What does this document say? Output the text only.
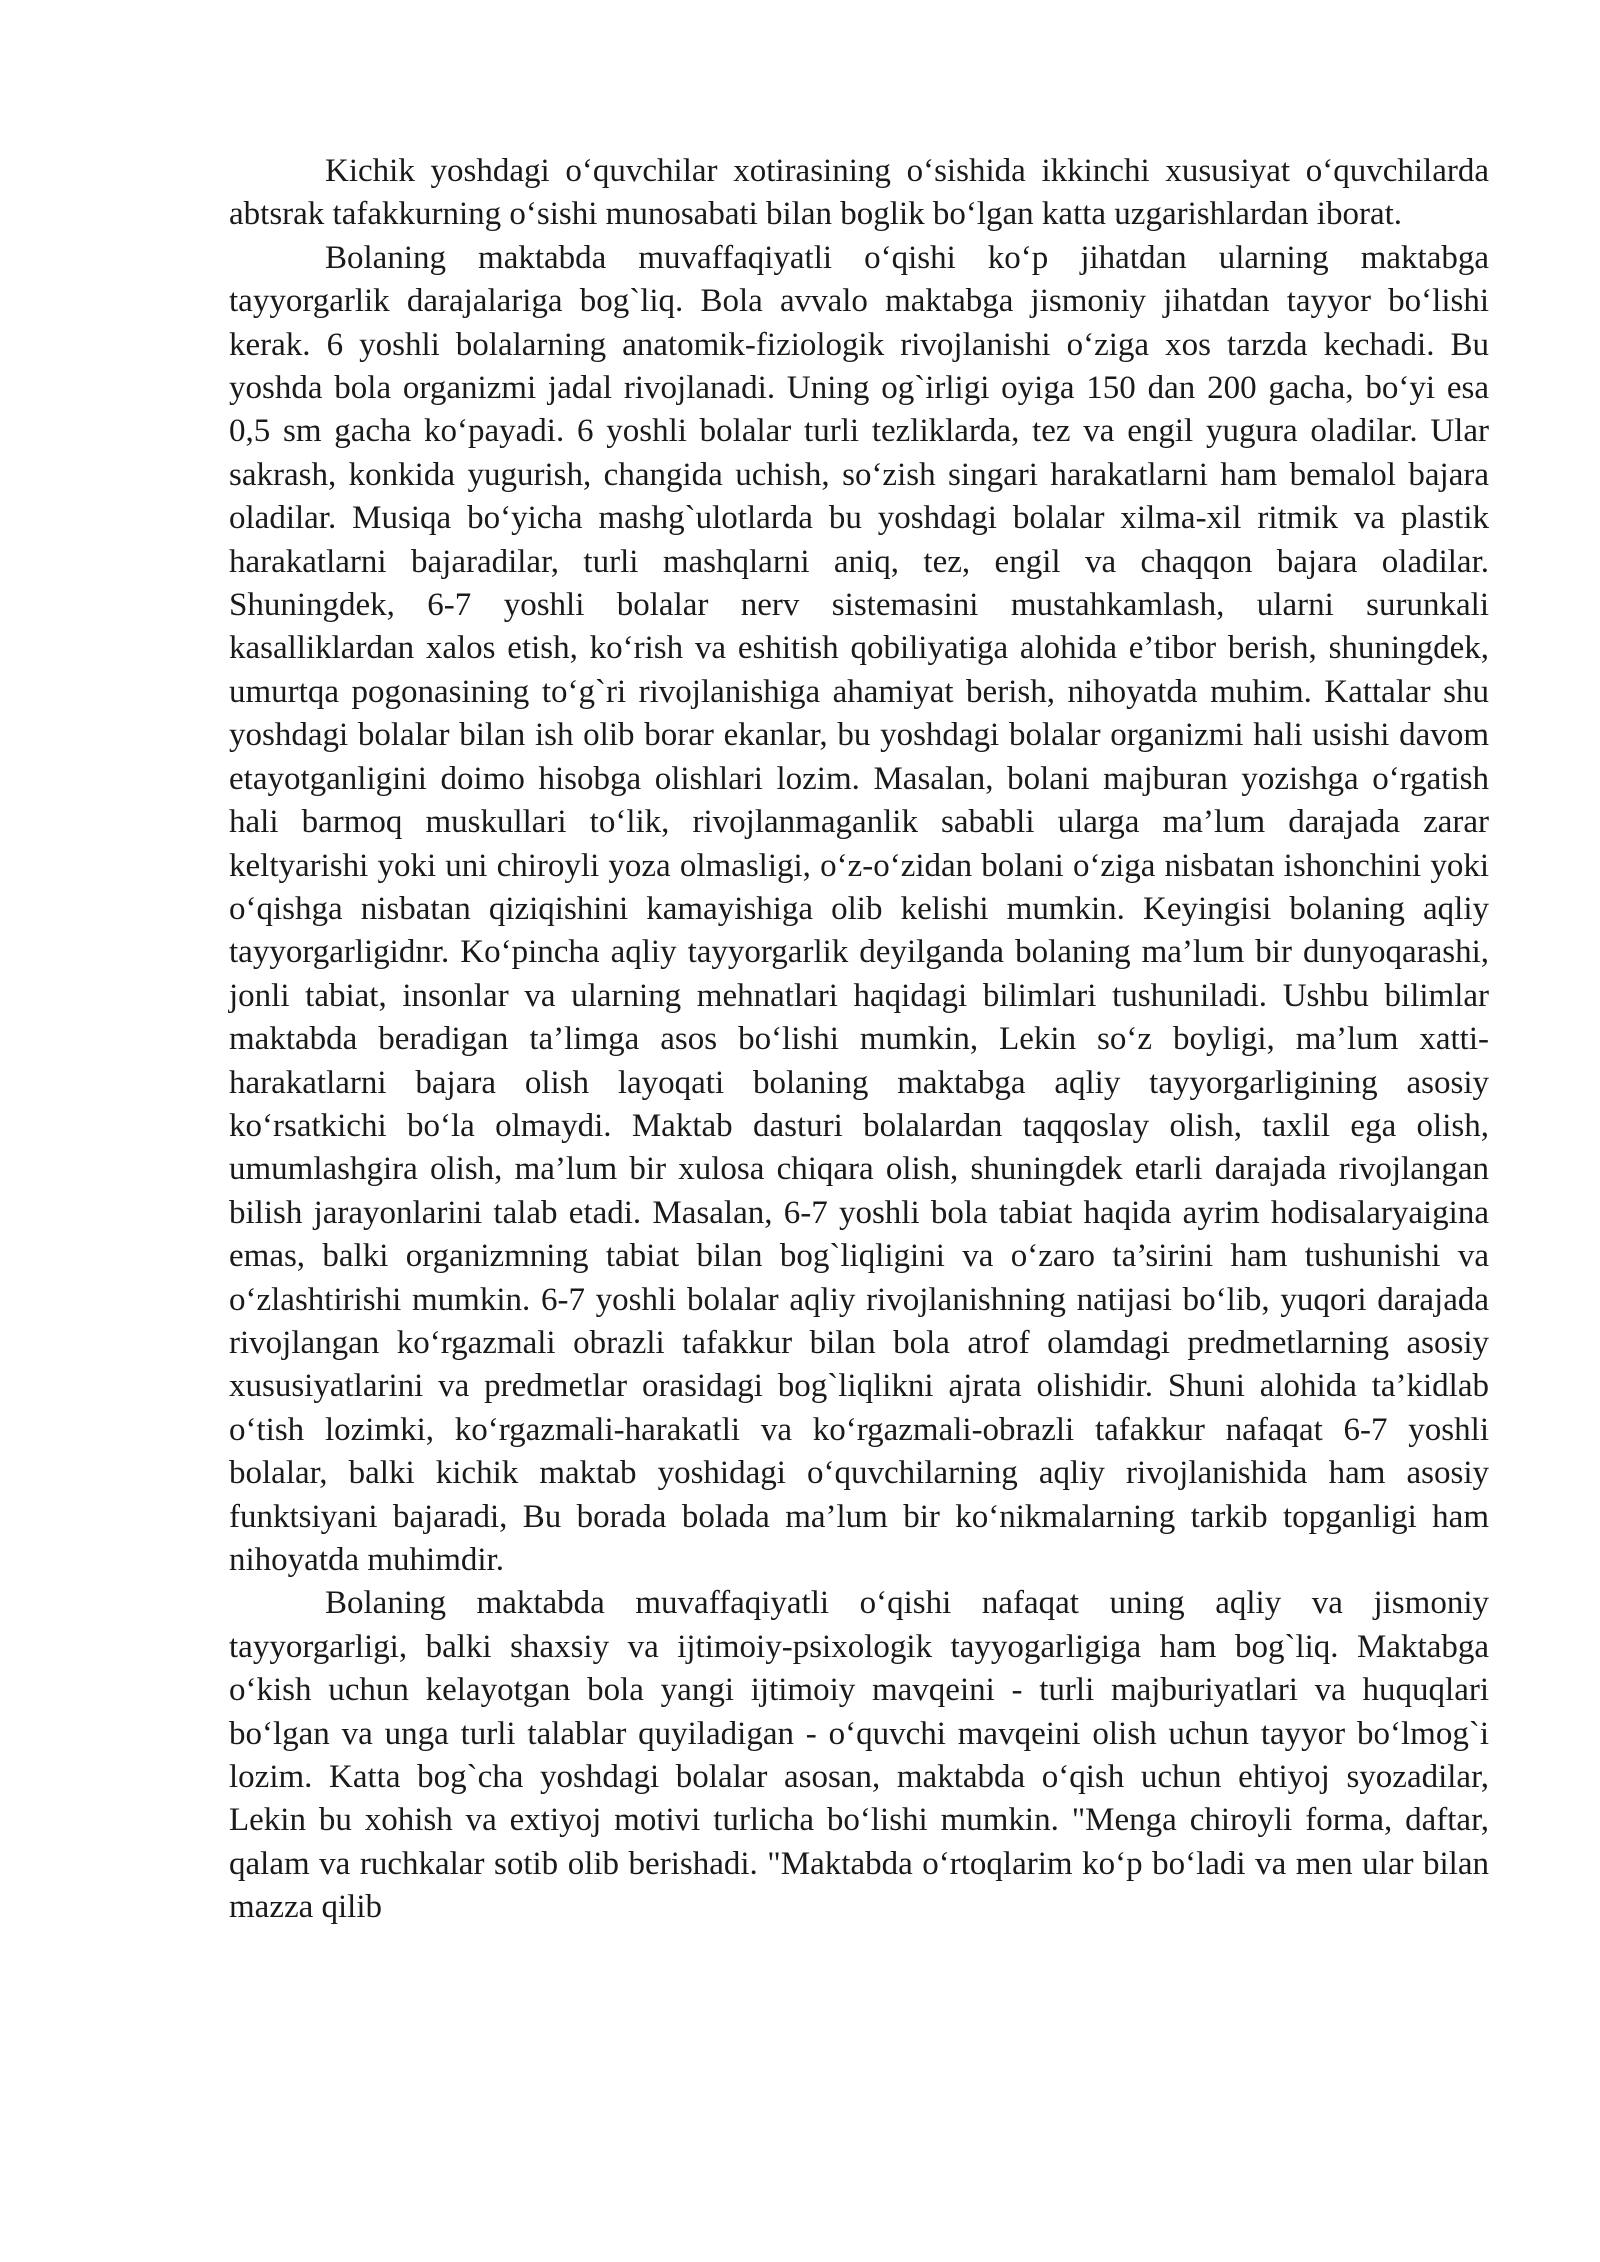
Kichik yoshdagi o‘quvchilar xotirasining o‘sishida ikkinchi xususiyat o‘quvchilarda abtsrak tafakkurning o‘sishi munosabati bilan boglik bo‘lgan katta uzgarishlardan iborat.

Bolaning maktabda muvaffaqiyatli o‘qishi ko‘p jihatdan ularning maktabga tayyorgarlik darajalariga bog`liq. Bola avvalo maktabga jismoniy jihatdan tayyor bo‘lishi kerak. 6 yoshli bolalarning anatomik-fiziologik rivojlanishi o‘ziga xos tarzda kechadi. Bu yoshda bola organizmi jadal rivojlanadi. Uning og`irligi oyiga 150 dan 200 gacha, bo‘yi esa 0,5 sm gacha ko‘payadi. 6 yoshli bolalar turli tezliklarda, tez va engil yugura oladilar. Ular sakrash, konkida yugurish, changida uchish, so‘zish singari harakatlarni ham bemalol bajara oladilar. Musiqa bo‘yicha mashg`ulotlarda bu yoshdagi bolalar xilma-xil ritmik va plastik harakatlarni bajaradilar, turli mashqlarni aniq, tez, engil va chaqqon bajara oladilar. Shuningdek, 6-7 yoshli bolalar nerv sistemasini mustahkamlash, ularni surunkali kasalliklardan xalos etish, ko‘rish va eshitish qobiliyatiga alohida e’tibor berish, shuningdek, umurtqa pogonasining to‘g`ri rivojlanishiga ahamiyat berish, nihoyatda muhim. Kattalar shu yoshdagi bolalar bilan ish olib borar ekanlar, bu yoshdagi bolalar organizmi hali usishi davom etayotganligini doimo hisobga olishlari lozim. Masalan, bolani majburan yozishga o‘rgatish hali barmoq muskullari to‘lik, rivojlanmaganlik sababli ularga ma’lum darajada zarar keltyarishi yoki uni chiroyli yoza olmasligi, o‘z-o‘zidan bolani o‘ziga nisbatan ishonchini yoki o‘qishga nisbatan qiziqishini kamayishiga olib kelishi mumkin. Keyingisi bolaning aqliy tayyorgarligidnr. Ko‘pincha aqliy tayyorgarlik deyilganda bolaning ma’lum bir dunyoqarashi, jonli tabiat, insonlar va ularning mehnatlari haqidagi bilimlari tushuniladi. Ushbu bilimlar maktabda beradigan ta’limga asos bo‘lishi mumkin, Lekin so‘z boyligi, ma’lum xatti-harakatlarni bajara olish layoqati bolaning maktabga aqliy tayyorgarligining asosiy ko‘rsatkichi bo‘la olmaydi. Maktab dasturi bolalardan taqqoslay olish, taxlil ega olish, umumlashgira olish, ma’lum bir xulosa chiqara olish, shuningdek etarli darajada rivojlangan bilish jarayonlarini talab etadi. Masalan, 6-7 yoshli bola tabiat haqida ayrim hodisalaryaigina emas, balki organizmning tabiat bilan bog`liqligini va o‘zaro ta’sirini ham tushunishi va o‘zlashtirishi mumkin. 6-7 yoshli bolalar aqliy rivojlanishning natijasi bo‘lib, yuqori darajada rivojlangan ko‘rgazmali obrazli tafakkur bilan bola atrof olamdagi predmetlarning asosiy xususiyatlarini va predmetlar orasidagi bog`liqlikni ajrata olishidir. Shuni alohida ta’kidlab o‘tish lozimki, ko‘rgazmali-harakatli va ko‘rgazmali-obrazli tafakkur nafaqat 6-7 yoshli bolalar, balki kichik maktab yoshidagi o‘quvchilarning aqliy rivojlanishida ham asosiy funktsiyani bajaradi, Bu borada bolada ma’lum bir ko‘nikmalarning tarkib topganligi ham nihoyatda muhimdir.

Bolaning maktabda muvaffaqiyatli o‘qishi nafaqat uning aqliy va jismoniy tayyorgarligi, balki shaxsiy va ijtimoiy-psixologik tayyogarligiga ham bog`liq. Maktabga o‘kish uchun kelayotgan bola yangi ijtimoiy mavqeini - turli majburiyatlari va huquqlari bo‘lgan va unga turli talablar quyiladigan - o‘quvchi mavqeini olish uchun tayyor bo‘lmog`i lozim. Katta bog`cha yoshdagi bolalar asosan, maktabda o‘qish uchun ehtiyoj syozadilar, Lekin bu xohish va extiyoj motivi turlicha bo‘lishi mumkin. "Menga chiroyli forma, daftar, qalam va ruchkalar sotib olib berishadi. "Maktabda o‘rtoqlarim ko‘p bo‘ladi va men ular bilan mazza qilib
